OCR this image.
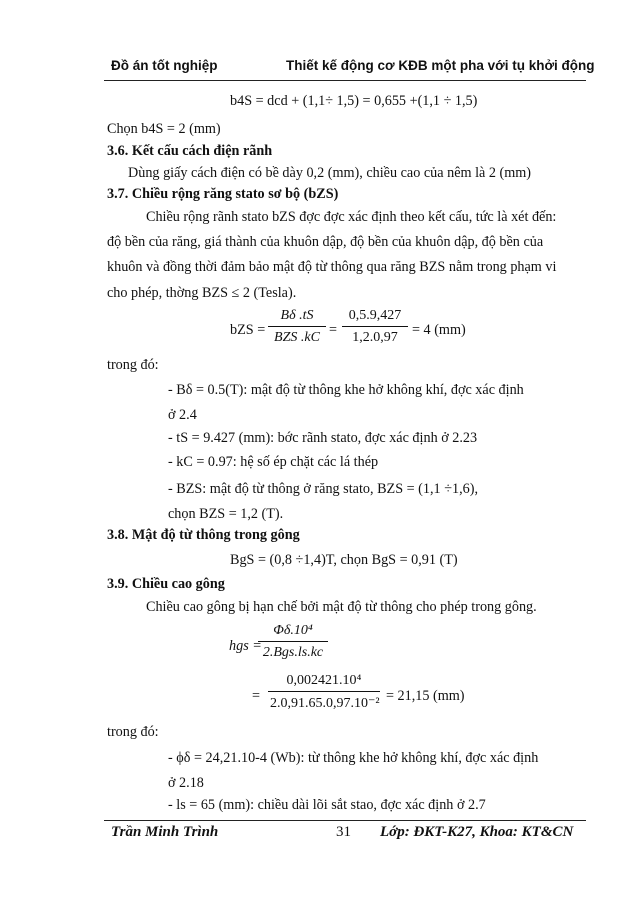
Đồ án tốt nghiệp	Thiết kế động cơ KĐB một pha với tụ khởi động
b4S = dcd + (1,1÷ 1,5) = 0,655 +(1,1 ÷ 1,5)
Chọn b4S = 2 (mm)
3.6. Kết cấu cách điện rãnh
Dùng giấy cách điện có bề dày 0,2 (mm), chiều cao của nêm là 2 (mm)
3.7. Chiều rộng răng stato sơ bộ (bZS)
Chiều rộng rãnh stato bZS đợc đợc xác định theo kết cấu, tức là xét đến:
độ bền của răng, giá thành của khuôn dập, độ bền của khuôn dập, độ bền của
khuôn và đồng thời đảm bảo mật độ từ thông qua răng BZS nằm trong phạm vi
cho phép, thờng BZS ≤ 2 (Tesla).
bZS =
Bδ .tS
BZS $.kC = \frac{0,5.9,427}{1,2.0,97} = 4$ (mm)
trong đó:
- Bδ = 0.5(T): mật độ từ thông khe hở không khí, đợc xác định
ở 2.4
- tS = 9.427 (mm): bớc rãnh stato, đợc xác định ở 2.23
- kC = 0.97: hệ số ép chặt các lá thép
- BZS: mật độ từ thông ở răng stato, BZS = (1,1 ÷1,6),
chọn BZS = 1,2 (T).
3.8. Mật độ từ thông trong gông
BgS = (0,8 ÷1,4)T, chọn BgS = 0,91 (T)
3.9. Chiều cao gông
Chiều cao gông bị hạn chế bởi mật độ từ thông cho phép trong gông.
hgs =
Φδ.10⁴
2.Bgs.ls.kc
= $\frac{\text{0,002421.10⁴}}{\text{2.0,91.65.0,97.10⁻²}} = 21,15$ (mm)
trong đó:
- ϕδ = 24,21.10-4 (Wb): từ thông khe hở không khí, đợc xác định
ở 2.18
- ls = 65 (mm): chiều dài lõi sắt stao, đợc xác định ở 2.7
Trần Minh Trình	31 Lớp: ĐKT-K27, Khoa: KT&CN
